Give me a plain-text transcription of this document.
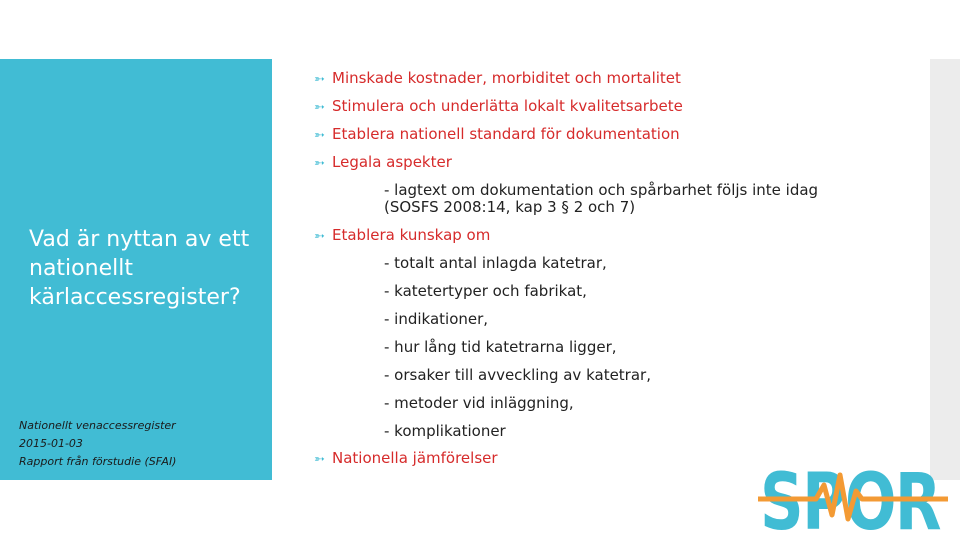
Vad är nyttan av ett nationellt kärlaccessregister?
Nationellt venaccessregister
2015-01-03
Rapport från förstudie (SFAI)
➳ Minskade kostnader, morbiditet och mortalitet
➳ Stimulera och underlätta lokalt kvalitetsarbete
➳ Etablera nationell standard för dokumentation
➳ Legala aspekter
- lagtext om dokumentation och spårbarhet följs inte idag
(SOSFS 2008:14, kap 3 § 2 och 7)
➳ Etablera kunskap om
- totalt antal inlagda katetrar,
- katetertyper och fabrikat,
- indikationer,
- hur lång tid katetrarna ligger,
- orsaker till avveckling av katetrar,
- metoder vid inläggning,
- komplikationer
➳ Nationella jämförelser	SPOR
